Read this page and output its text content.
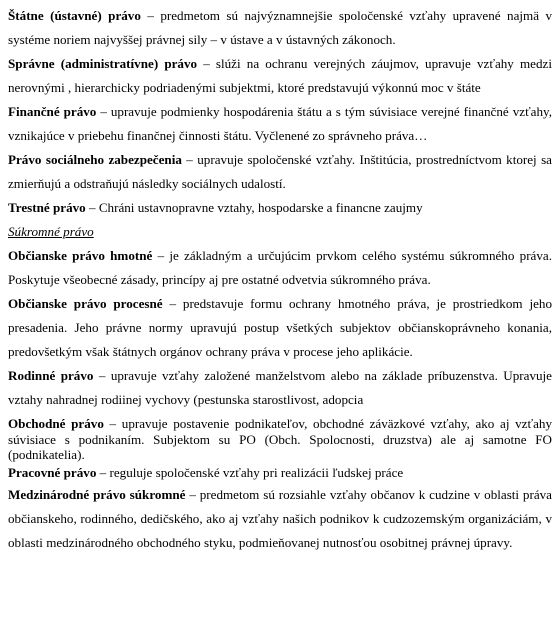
Štátne (ústavné) právo – predmetom sú najvýznamnejšie spoločenské vzťahy upravené najmä v systéme noriem najvyššej právnej sily – v ústave a v ústavných zákonoch.

Správne (administratívne) právo – slúži na ochranu verejných záujmov, upravuje vzťahy medzi nerovnými , hierarchicky podriadenými subjektmi, ktoré predstavujú výkonnú moc v štáte

Finančné právo – upravuje podmienky hospodárenia štátu a s tým súvisiace verejné finančné vzťahy, vznikajúce v priebehu finančnej činnosti štátu. Vyčlenené zo správneho práva…

Právo sociálneho zabezpečenia – upravuje spoločenské vzťahy. Inštitúcia, prostredníctvom ktorej sa zmierňujú a odstraňujú následky sociálnych udalostí.

Trestné právo – Chráni ustavnopravne vztahy, hospodarske a financne zaujmy

Súkromné právo

Občianske právo hmotné – je základným a určujúcim prvkom celého systému súkromného práva. Poskytuje všeobecné zásady, princípy aj pre ostatné odvetvia súkromného práva.

Občianske právo procesné – predstavuje formu ochrany hmotného práva, je prostriedkom jeho presadenia. Jeho právne normy upravujú postup všetkých subjektov občianskoprávneho konania, predovšetkým však štátnych orgánov ochrany práva v procese jeho aplikácie.

Rodinné právo – upravuje vzťahy založené manželstvom alebo na základe príbuzenstva. Upravuje vztahy nahradnej rodiinej vychovy (pestunska starostlivost, adopcia

Obchodné právo – upravuje postavenie podnikateľov, obchodné záväzkové vzťahy, ako aj vzťahy súvisiace s podnikaním. Subjektom su PO (Obch. Spolocnosti, druzstva) ale aj samotne FO (podnikatelia).

Pracovné právo – reguluje spoločenské vzťahy pri realizácii ľudskej práce

Medzinárodné právo súkromné – predmetom sú rozsiahle vzťahy občanov k cudzine v oblasti práva občianskeho, rodinného, dedičského, ako aj vzťahy našich podnikov k cudzozemským organizáciám, v oblasti medzinárodného obchodného styku, podmieňovanej nutnosťou osobitnej právnej úpravy.
